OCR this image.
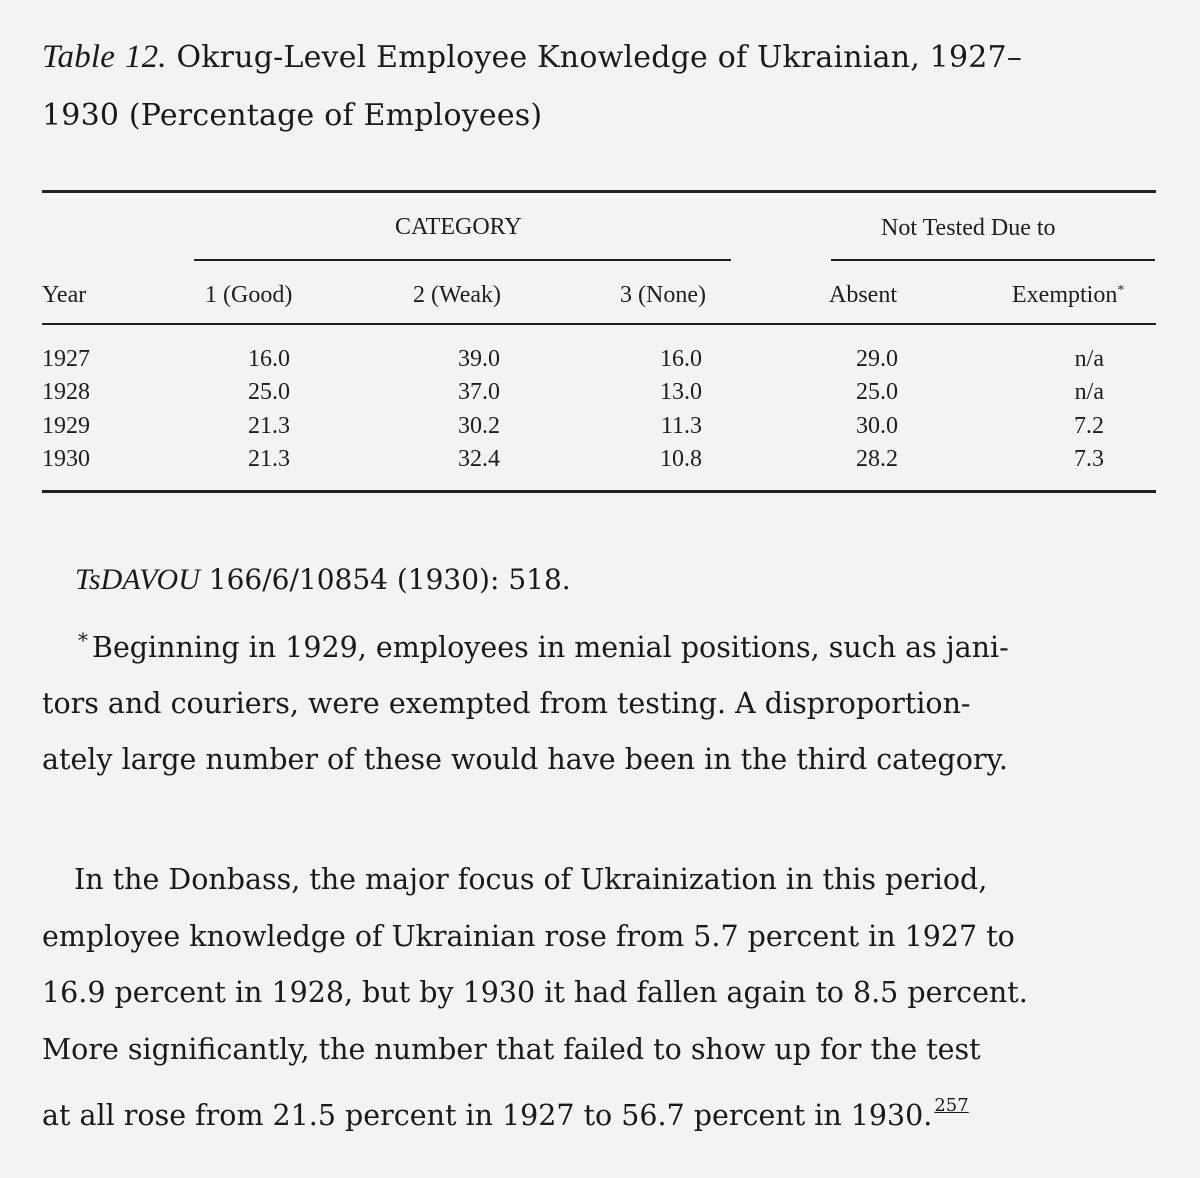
Table 12. Okrug-Level Employee Knowledge of Ukrainian, 1927–
1930 (Percentage of Employees)
CATEGORY	Not Tested Due to
Year	1 (Good)	2 (Weak)	3 (None)	Absent	Exemption*
1927	16.0	39.0	16.0	29.0	n/a
1928	25.0	37.0	13.0	25.0	n/a
1929	21.3	30.2	11.3	30.0	7.2
1930	21.3	32.4	10.8	28.2	7.3
TsDAVOU 166/6/10854 (1930): 518.
* Beginning in 1929, employees in menial positions, such as jani-
tors and couriers, were exempted from testing. A disproportion-
ately large number of these would have been in the third category.
In the Donbass, the major focus of Ukrainization in this period,
employee knowledge of Ukrainian rose from 5.7 percent in 1927 to
16.9 percent in 1928, but by 1930 it had fallen again to 8.5 percent.
More significantly, the number that failed to show up for the test
at all rose from 21.5 percent in 1927 to 56.7 percent in 1930. $^{257}$
